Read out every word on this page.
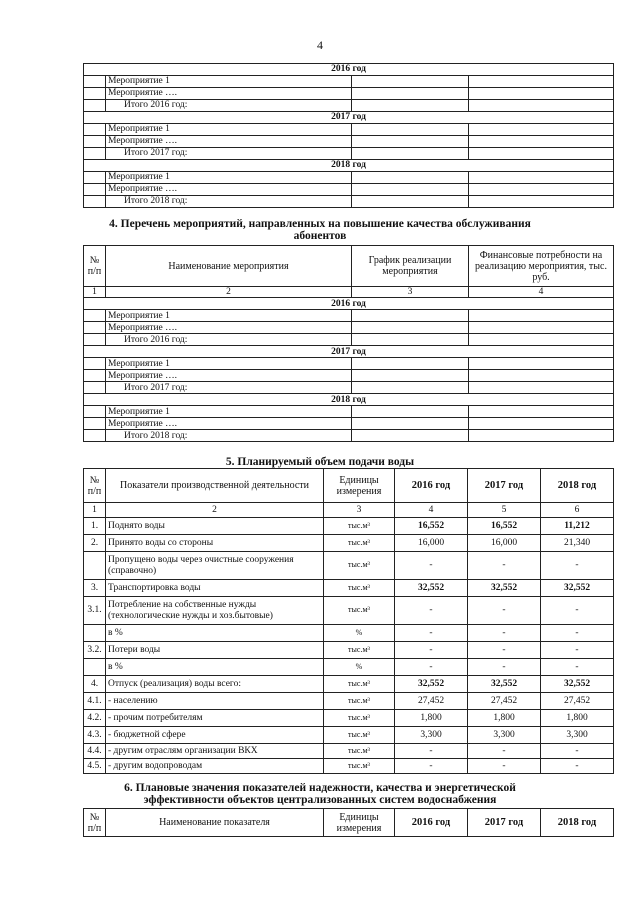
4
2016 год			
	Мероприятие 1		
	Мероприятие ….		
	Итого 2016 год:		
2017 год			
	Мероприятие 1		
	Мероприятие ….		
	Итого 2017 год:		
2018 год			
	Мероприятие 1		
	Мероприятие ….		
	Итого 2018 год:		
4. Перечень мероприятий, направленных на повышение качества обслуживания
абонентов
№ п/п	Наименование мероприятия	График реализации мероприятия	Финансовые потребности на реализацию мероприятия, тыс. руб.
1	2	3	4
2016 год			
	Мероприятие 1		
	Мероприятие ….		
	Итого 2016 год:		
2017 год			
	Мероприятие 1		
	Мероприятие ….		
	Итого 2017 год:		
2018 год			
	Мероприятие 1		
	Мероприятие ….		
	Итого 2018 год:		
5. Планируемый объем подачи воды
№ п/п	Показатели производственной деятельности	Единицы измерения	2016 год	2017 год	2018 год
1	2	3	4	5	6
1.	Поднято воды	тыс.м³	16,552	16,552	11,212
2.	Принято воды со стороны	тыс.м³	16,000	16,000	21,340
	Пропущено воды через очистные сооружения (справочно)	тыс.м³	-	-	-
3.	Транспортировка воды	тыс.м³	32,552	32,552	32,552
3.1.	Потребление на собственные нужды (технологические нужды и хоз.бытовые)	тыс.м³	-	-	-
	в %	%	-	-	-
3.2.	Потери воды	тыс.м³	-	-	-
	в %	%	-	-	-
4.	Отпуск (реализация) воды всего:	тыс.м³	32,552	32,552	32,552
4.1.	- населению	тыс.м³	27,452	27,452	27,452
4.2.	- прочим потребителям	тыс.м³	1,800	1,800	1,800
4.3.	- бюджетной сфере	тыс.м³	3,300	3,300	3,300
4.4.	- другим отраслям организации ВКХ	тыс.м³	-	-	-
4.5.	- другим водопроводам	тыс.м³	-	-	-
6. Плановые значения показателей надежности, качества и энергетической
эффективности объектов централизованных систем водоснабжения
№ п/п	Наименование показателя	Единицы измерения	2016 год	2017 год	2018 год
